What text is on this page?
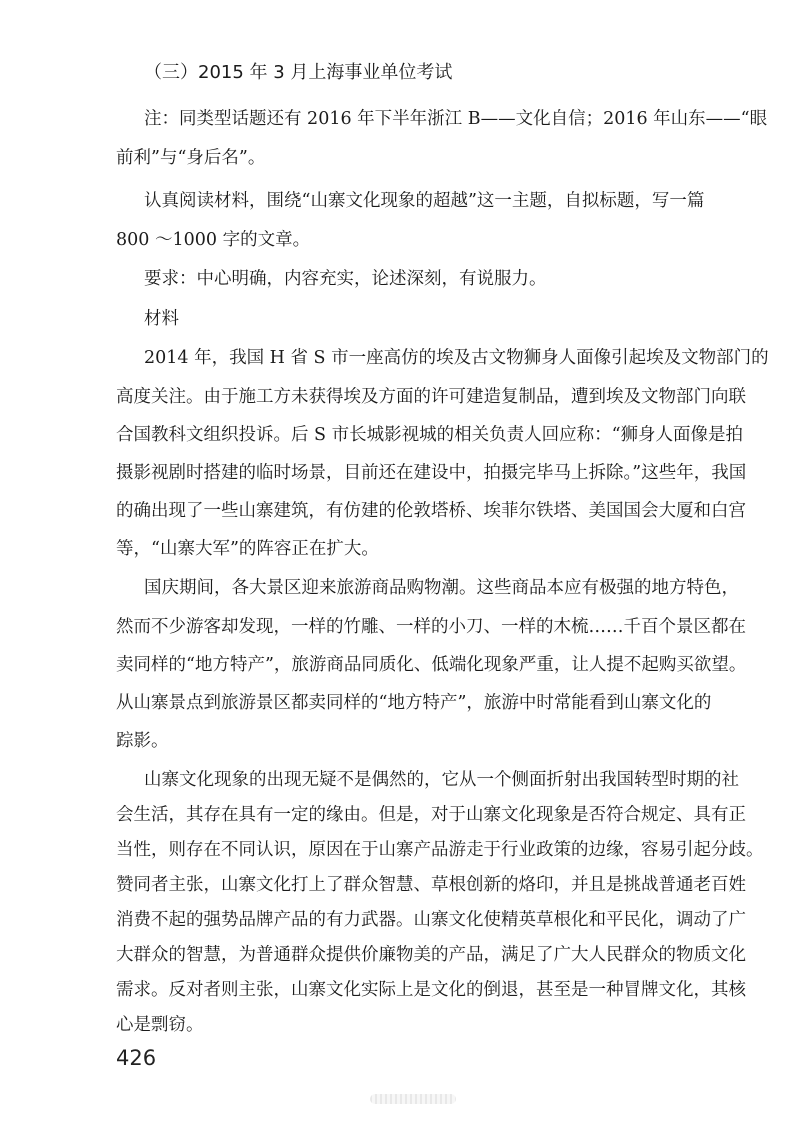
（三）2015 年 3 月上海事业单位考试
注：同类型话题还有 2016 年下半年浙江 B——文化自信；2016 年山东——“眼
前利”与“身后名”。
认真阅读材料，围绕“山寨文化现象的超越”这一主题，自拟标题，写一篇
800 ～1000 字的文章。
要求：中心明确，内容充实，论述深刻，有说服力。
材料
2014 年，我国 H 省 S 市一座高仿的埃及古文物狮身人面像引起埃及文物部门的
高度关注。由于施工方未获得埃及方面的许可建造复制品，遭到埃及文物部门向联
合国教科文组织投诉。后 S 市长城影视城的相关负责人回应称：“狮身人面像是拍
摄影视剧时搭建的临时场景，目前还在建设中，拍摄完毕马上拆除。”这些年，我国
的确出现了一些山寨建筑，有仿建的伦敦塔桥、埃菲尔铁塔、美国国会大厦和白宫
等，“山寨大军”的阵容正在扩大。
国庆期间，各大景区迎来旅游商品购物潮。这些商品本应有极强的地方特色，
然而不少游客却发现，一样的竹雕、一样的小刀、一样的木梳……千百个景区都在
卖同样的“地方特产”，旅游商品同质化、低端化现象严重，让人提不起购买欲望。
从山寨景点到旅游景区都卖同样的“地方特产”，旅游中时常能看到山寨文化的
踪影。
山寨文化现象的出现无疑不是偶然的，它从一个侧面折射出我国转型时期的社
会生活，其存在具有一定的缘由。但是，对于山寨文化现象是否符合规定、具有正
当性，则存在不同认识，原因在于山寨产品游走于行业政策的边缘，容易引起分歧。
赞同者主张，山寨文化打上了群众智慧、草根创新的烙印，并且是挑战普通老百姓
消费不起的强势品牌产品的有力武器。山寨文化使精英草根化和平民化，调动了广
大群众的智慧，为普通群众提供价廉物美的产品，满足了广大人民群众的物质文化
需求。反对者则主张，山寨文化实际上是文化的倒退，甚至是一种冒牌文化，其核
心是剽窃。
426
